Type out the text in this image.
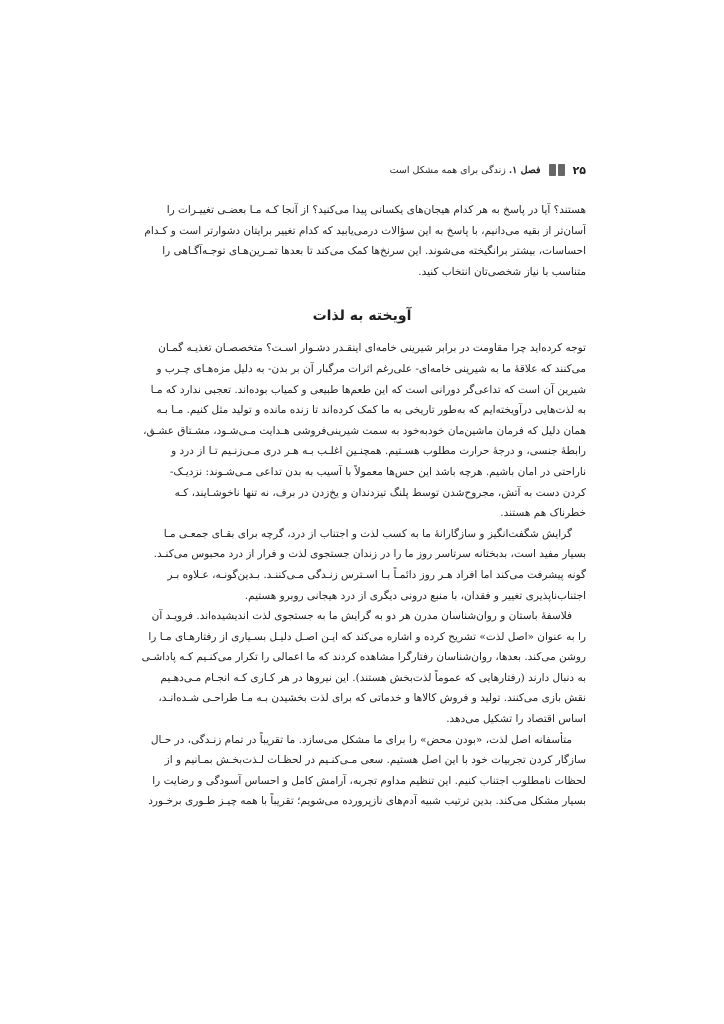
۲۵
فصل ۱.

زندگی برای همه مشکل است

هستند؟ آیا در پاسخ به هر کدام هیجان‌های یکسانی پیدا می‌کنید؟ از آنجا کـه مـا بعضـی تغییـرات را
آسان‌تر از بقیه می‌دانیم، با پاسخ به این سؤالات درمی‌یابید که کدام تغییر برایتان دشوارتر است و کـدام
احساسات، بیشتر برانگیخته می‌شوند. این سرنخ‌ها کمک می‌کند تا بعدها تمـرین‌هـای توجـه‌آگـاهی را
متناسب با نیاز شخصی‌تان انتخاب کنید.

آویخته به لذات

توجه کرده‌اید چرا مقاومت در برابر شیرینی خامه‌ای اینقـدر دشـوار اسـت؟ متخصصـان تغذیـه گمـان
می‌کنند که علاقهٔ ما به شیرینی خامه‌ای- علی‌رغم اثرات مرگبار آن بر بدن- به دلیل مزه‌هـای چـرب و
شیرین آن است که تداعی‌گر دورانی است که این طعم‌ها طبیعی و کمیاب بوده‌اند. تعجبی ندارد که مـا
به لذت‌هایی درآویخته‌ایم که به‌طور تاریخی به ما کمک کرده‌اند تا زنده مانده و تولید مثل کنیم. مـا بـه
همان دلیل که فرمان ماشین‌مان خودبه‌خود به سمت شیرینی‌فروشی هـدایت مـی‌شـود، مشـتاق عشـق،
رابطهٔ جنسی، و درجهٔ حرارت مطلوب هسـتیم. همچنـین اغلـب بـه هـر دری مـی‌زنـیم تـا از درد و
ناراحتی در امان باشیم. هرچه باشد این حس‌ها معمولاً با آسیب به بدن تداعی مـی‌شـوند: نزدیـک-
کردن دست به آتش، مجروح‌شدن توسط پلنگ تیزدندان و یخ‌زدن در برف، نه تنها ناخوشـایند، کـه
خطرناک هم هستند.

گرایش شگفت‌انگیز و سازگارانهٔ ما به کسب لذت و اجتناب از درد، گرچه برای بقـای جمعـی مـا
بسیار مفید است، بدبختانه سرتاسر روز ما را در زندان جستجوی لذت و فرار از درد محبوس می‌کنـد.
گونه پیشرفت می‌کند اما افراد هـر روز دائمـاً بـا اسـترس زنـدگی مـی‌کننـد. بـدین‌گونـه، عـلاوه بـر
اجتناب‌ناپذیری تغییر و فقدان، با منبع درونی دیگری از درد هیجانی روبرو هستیم.

فلاسفهٔ باستان و روان‌شناسان مدرن هر دو به گرایش ما به جستجوی لذت اندیشیده‌اند. فرویـد آن
را به عنوان «اصل لذت» تشریح کرده و اشاره می‌کند که ایـن اصـل دلیـل بسـیاری از رفتارهـای مـا را
روشن می‌کند. بعدها، روان‌شناسان رفتارگرا مشاهده کردند که ما اعمالی را تکرار می‌کنـیم کـه پاداشـی
به دنبال دارند (رفتارهایی که عموماً لذت‌بخش هستند). این نیروها در هر کـاری کـه انجـام مـی‌دهـیم
نقش بازی می‌کنند. تولید و فروش کالاها و خدماتی که برای لذت بخشیدن بـه مـا طراحـی شـده‌انـد،
اساس اقتصاد را تشکیل می‌دهد.

متأسفانه اصل لذت، «بودن محض» را برای ما مشکل می‌سازد. ما تقریباً در تمام زنـدگی، در حـال
سازگار کردن تجربیات خود با این اصل هستیم. سعی مـی‌کنـیم در لحظـات لـذت‌بخـش بمـانیم و از
لحظات نامطلوب اجتناب کنیم. این تنظیم مداوم تجربه، آرامش کامل و احساس آسودگی و رضایت را
بسیار مشکل می‌کند. بدین ترتیب شبیه آدم‌های نازپرورده می‌شویم؛ تقریباً با همه چیـز طـوری برخـورد
